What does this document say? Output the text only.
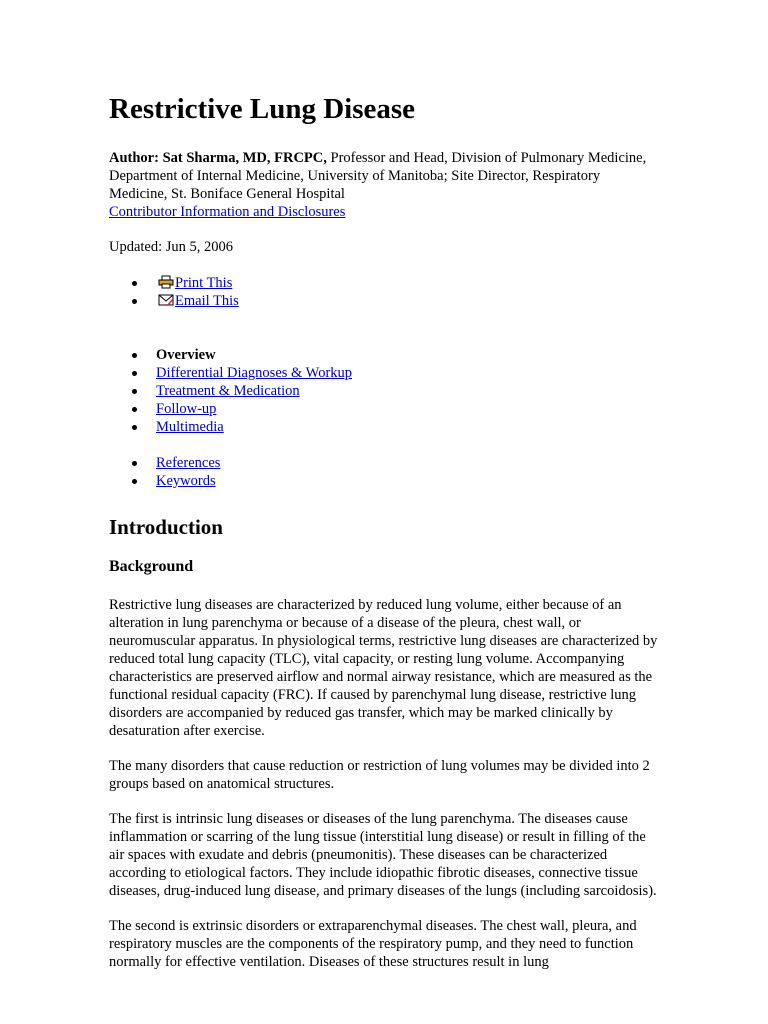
Restrictive Lung Disease

Author: Sat Sharma, MD, FRCPC, Professor and Head, Division of Pulmonary Medicine, Department of Internal Medicine, University of Manitoba; Site Director, Respiratory Medicine, St. Boniface General Hospital
Contributor Information and Disclosures

Updated: Jun 5, 2006

Print This
Email This
Overview
Differential Diagnoses & Workup
Treatment & Medication
Follow-up
Multimedia
References
Keywords
Introduction
Background

Restrictive lung diseases are characterized by reduced lung volume, either because of an alteration in lung parenchyma or because of a disease of the pleura, chest wall, or neuromuscular apparatus. In physiological terms, restrictive lung diseases are characterized by reduced total lung capacity (TLC), vital capacity, or resting lung volume. Accompanying characteristics are preserved airflow and normal airway resistance, which are measured as the functional residual capacity (FRC). If caused by parenchymal lung disease, restrictive lung disorders are accompanied by reduced gas transfer, which may be marked clinically by desaturation after exercise.

The many disorders that cause reduction or restriction of lung volumes may be divided into 2 groups based on anatomical structures.

The first is intrinsic lung diseases or diseases of the lung parenchyma. The diseases cause inflammation or scarring of the lung tissue (interstitial lung disease) or result in filling of the air spaces with exudate and debris (pneumonitis). These diseases can be characterized according to etiological factors. They include idiopathic fibrotic diseases, connective tissue diseases, drug-induced lung disease, and primary diseases of the lungs (including sarcoidosis).

The second is extrinsic disorders or extraparenchymal diseases. The chest wall, pleura, and respiratory muscles are the components of the respiratory pump, and they need to function normally for effective ventilation. Diseases of these structures result in lung
